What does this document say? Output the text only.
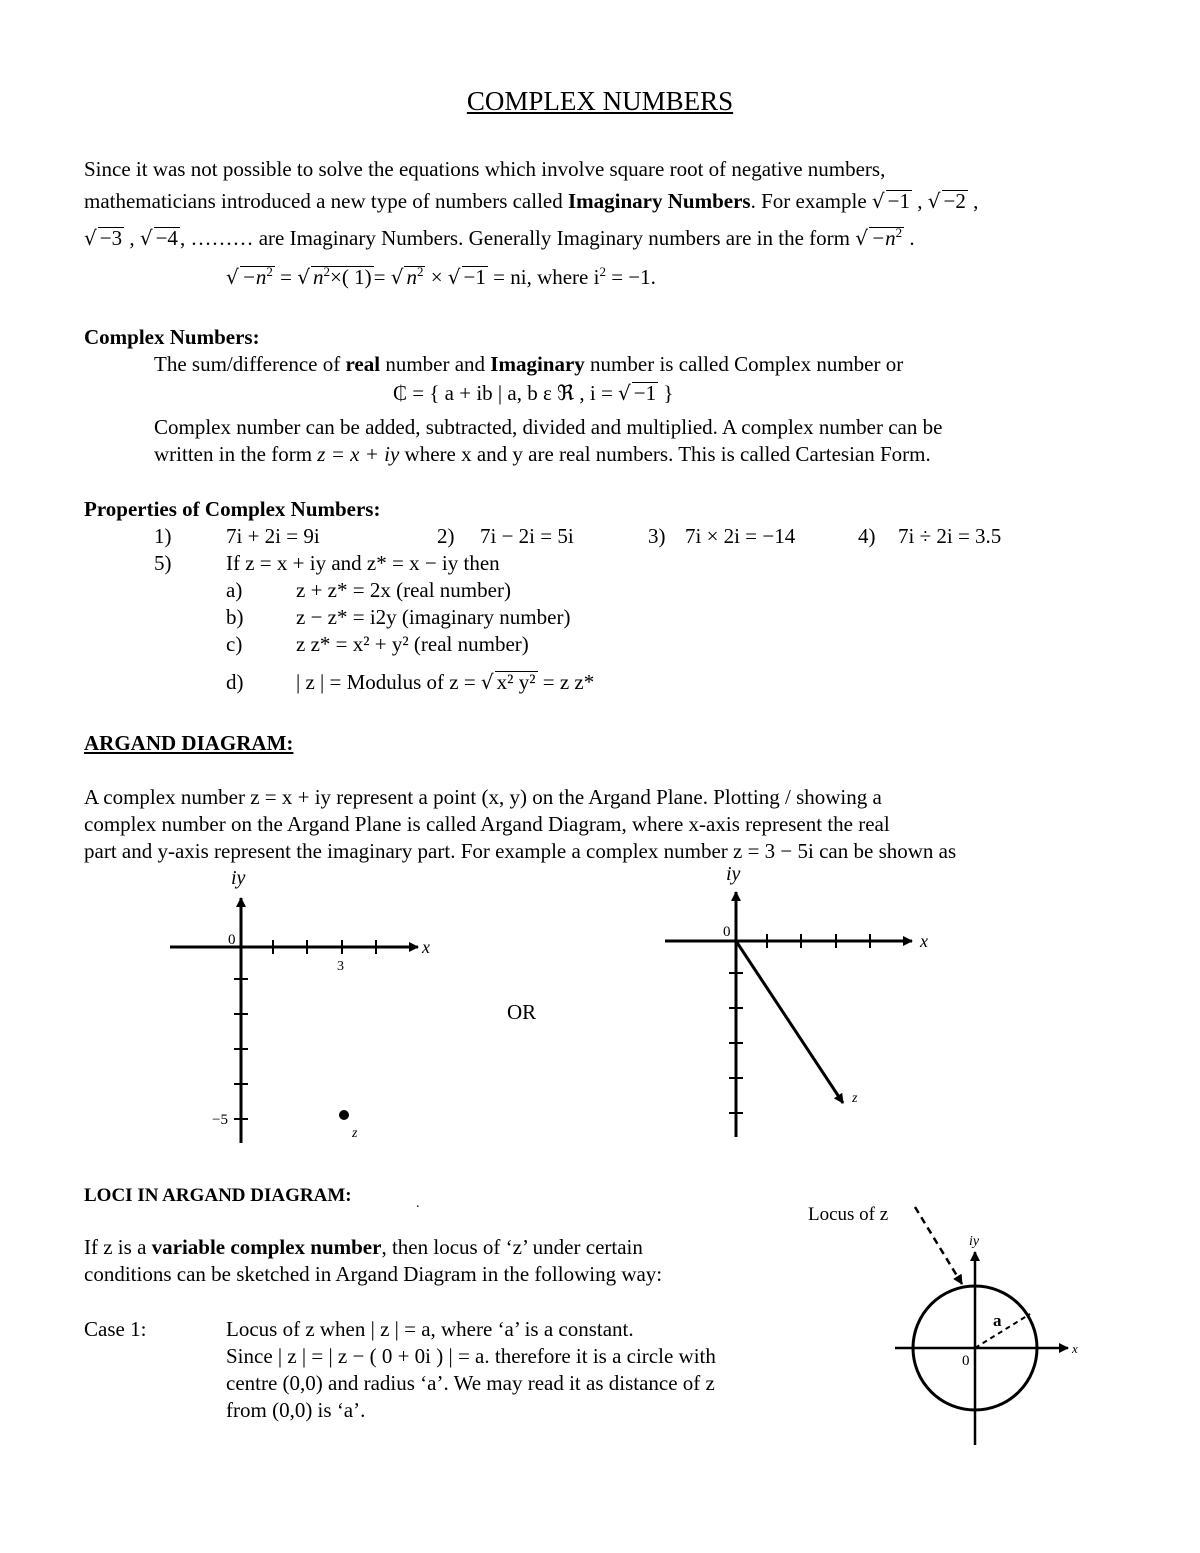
COMPLEX NUMBERS
Since it was not possible to solve the equations which involve square root of negative numbers,
mathematicians introduced a new type of numbers called Imaginary Numbers. For example √ −1 , √ −2 ,
√ −3 , √ −4, ……… are Imaginary Numbers. Generally Imaginary numbers are in the form √ $-n^2$ .
√ $-n^2$ = √ $n^2\times$( 1)= √ $n^2$ × √ −1 = ni, where $i^2 = -1$.
Complex Numbers:
The sum/difference of real number and Imaginary number is called Complex number or
₵ = { a + ib | a, b ε ℜ , i = √ −1 }
Complex number can be added, subtracted, divided and multiplied. A complex number can be
written in the form z = x + iy where x and y are real numbers. This is called Cartesian Form.
Properties of Complex Numbers:
1)	7i + 2i = 9i	2) 7i − 2i = 5i	3) 7i × 2i = −14	4) 7i ÷ 2i = 3.5
5)	If z = x + iy and z* = x − iy then
a)	z + z* = 2x (real number)
b)	z − z* = i2y (imaginary number)
c)	z z* = x² + y² (real number)
d)	| z | = Modulus of z = √ x² y² = z z*
ARGAND DIAGRAM:
A complex number z = x + iy represent a point (x, y) on the Argand Plane. Plotting / showing a
complex number on the Argand Plane is called Argand Diagram, where x-axis represent the real
part and y-axis represent the imaginary part. For example a complex number z = 3 − 5i can be shown as
OR
LOCI IN ARGAND DIAGRAM:	.
If z is a variable complex number, then locus of ‘z’ under certain
conditions can be sketched in Argand Diagram in the following way:
Case 1:	Locus of z when | z | = a, where ‘a’ is a constant.
Since | z | = | z − ( 0 + 0i ) | = a. therefore it is a circle with
centre (0,0) and radius ‘a’. We may read it as distance of z
from (0,0) is ‘a’.
iy
x
0
3
−5
z
iy
x
0
z
Locus of z
iy
x
0
a
